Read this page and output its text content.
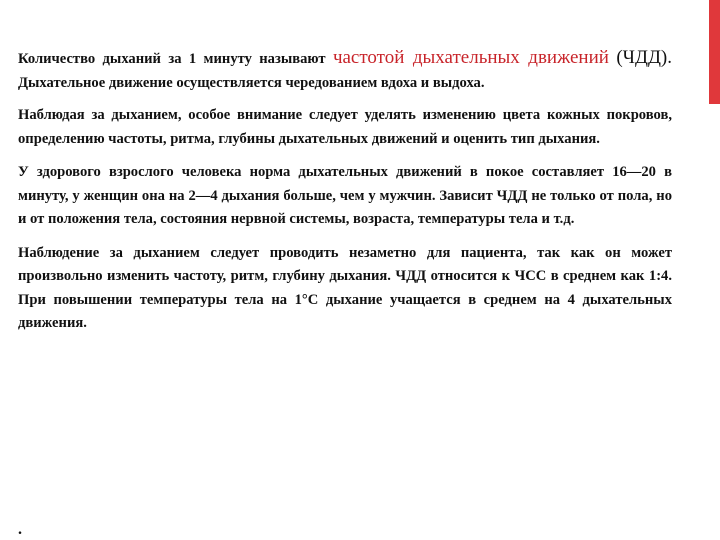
Количество дыханий за 1 минуту называют частотой дыхательных движений (ЧДД). Дыхательное движение осуществляется чередованием вдоха и выдоха.

Наблюдая за дыханием, особое внимание следует уделять изменению цвета кожных покровов, определению частоты, ритма, глубины дыхательных движений и оценить тип дыхания.

У здорового взрослого человека норма дыхательных движений в покое составляет 16—20 в минуту, у женщин она на 2—4 дыхания больше, чем у мужчин. Зависит ЧДД не только от пола, но и от положения тела, состояния нервной системы, возраста, температуры тела и т.д.

Наблюдение за дыханием следует проводить незаметно для пациента, так как он может произвольно изменить частоту, ритм, глубину дыхания. ЧДД относится к ЧСС в среднем как 1:4. При повышении температуры тела на 1°С дыхание учащается в среднем на 4 дыхательных движения.

.
